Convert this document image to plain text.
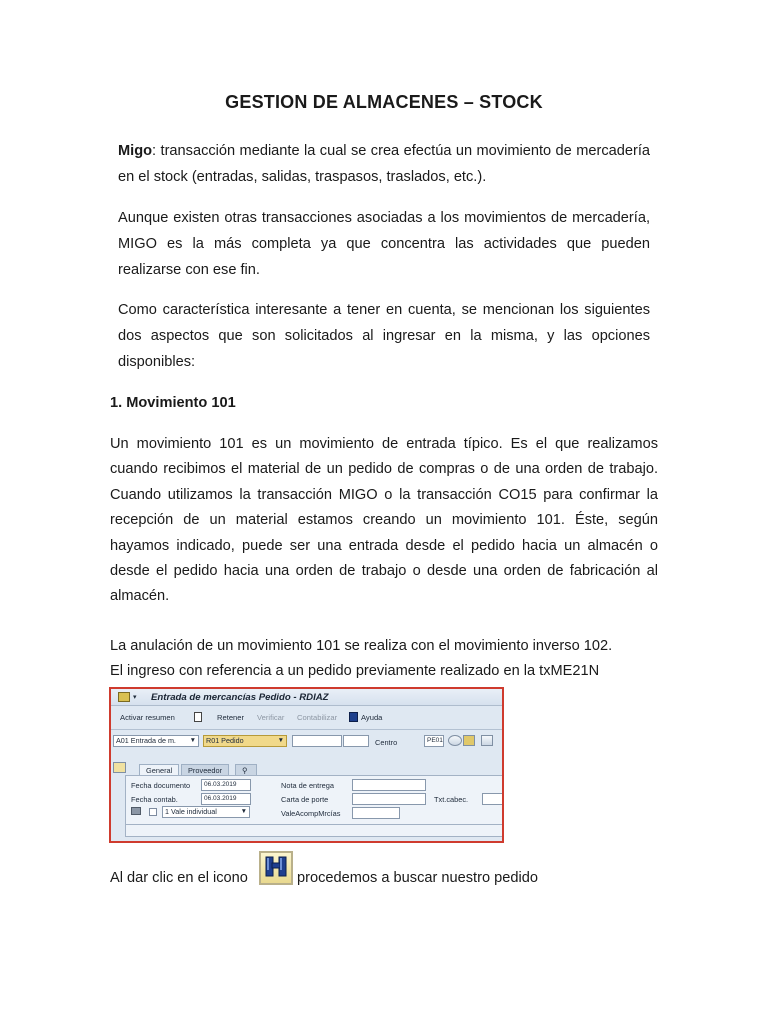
GESTION DE ALMACENES – STOCK
Migo: transacción mediante la cual se crea efectúa un movimiento de mercadería en el stock (entradas, salidas, traspasos, traslados, etc.).
Aunque existen otras transacciones asociadas a los movimientos de mercadería, MIGO es la más completa ya que concentra las actividades que pueden realizarse con ese fin.
Como característica interesante a tener en cuenta, se mencionan los siguientes dos aspectos que son solicitados al ingresar en la misma, y las opciones disponibles:
1. Movimiento 101
Un movimiento 101 es un movimiento de entrada típico. Es el que realizamos cuando recibimos el material de un pedido de compras o de una orden de trabajo. Cuando utilizamos la transacción MIGO o la transacción CO15 para confirmar la recepción de un material estamos creando un movimiento 101. Éste, según hayamos indicado, puede ser una entrada desde el pedido hacia un almacén o desde el pedido hacia una orden de trabajo o desde una orden de fabricación al almacén.
La anulación de un movimiento 101 se realiza con el movimiento inverso 102.
El ingreso con referencia a un pedido previamente realizado en la txME21N
▾ Entrada de mercancías Pedido - RDIAZ
Activar resumen	Retener Verificar Contabilizar	Ayuda
A01 Entrada de m. ▼	R01 Pedido	▼	Centro	PE01
General	Proveedor	⚲
Fecha documento	06.03.2019
Fecha contab.	06.03.2019
1 Vale individual	▼
Nota de entrega
Carta de porte
ValeAcompMrcías
Txt.cabec.
Al dar clic en el icono	procedemos a buscar nuestro pedido
